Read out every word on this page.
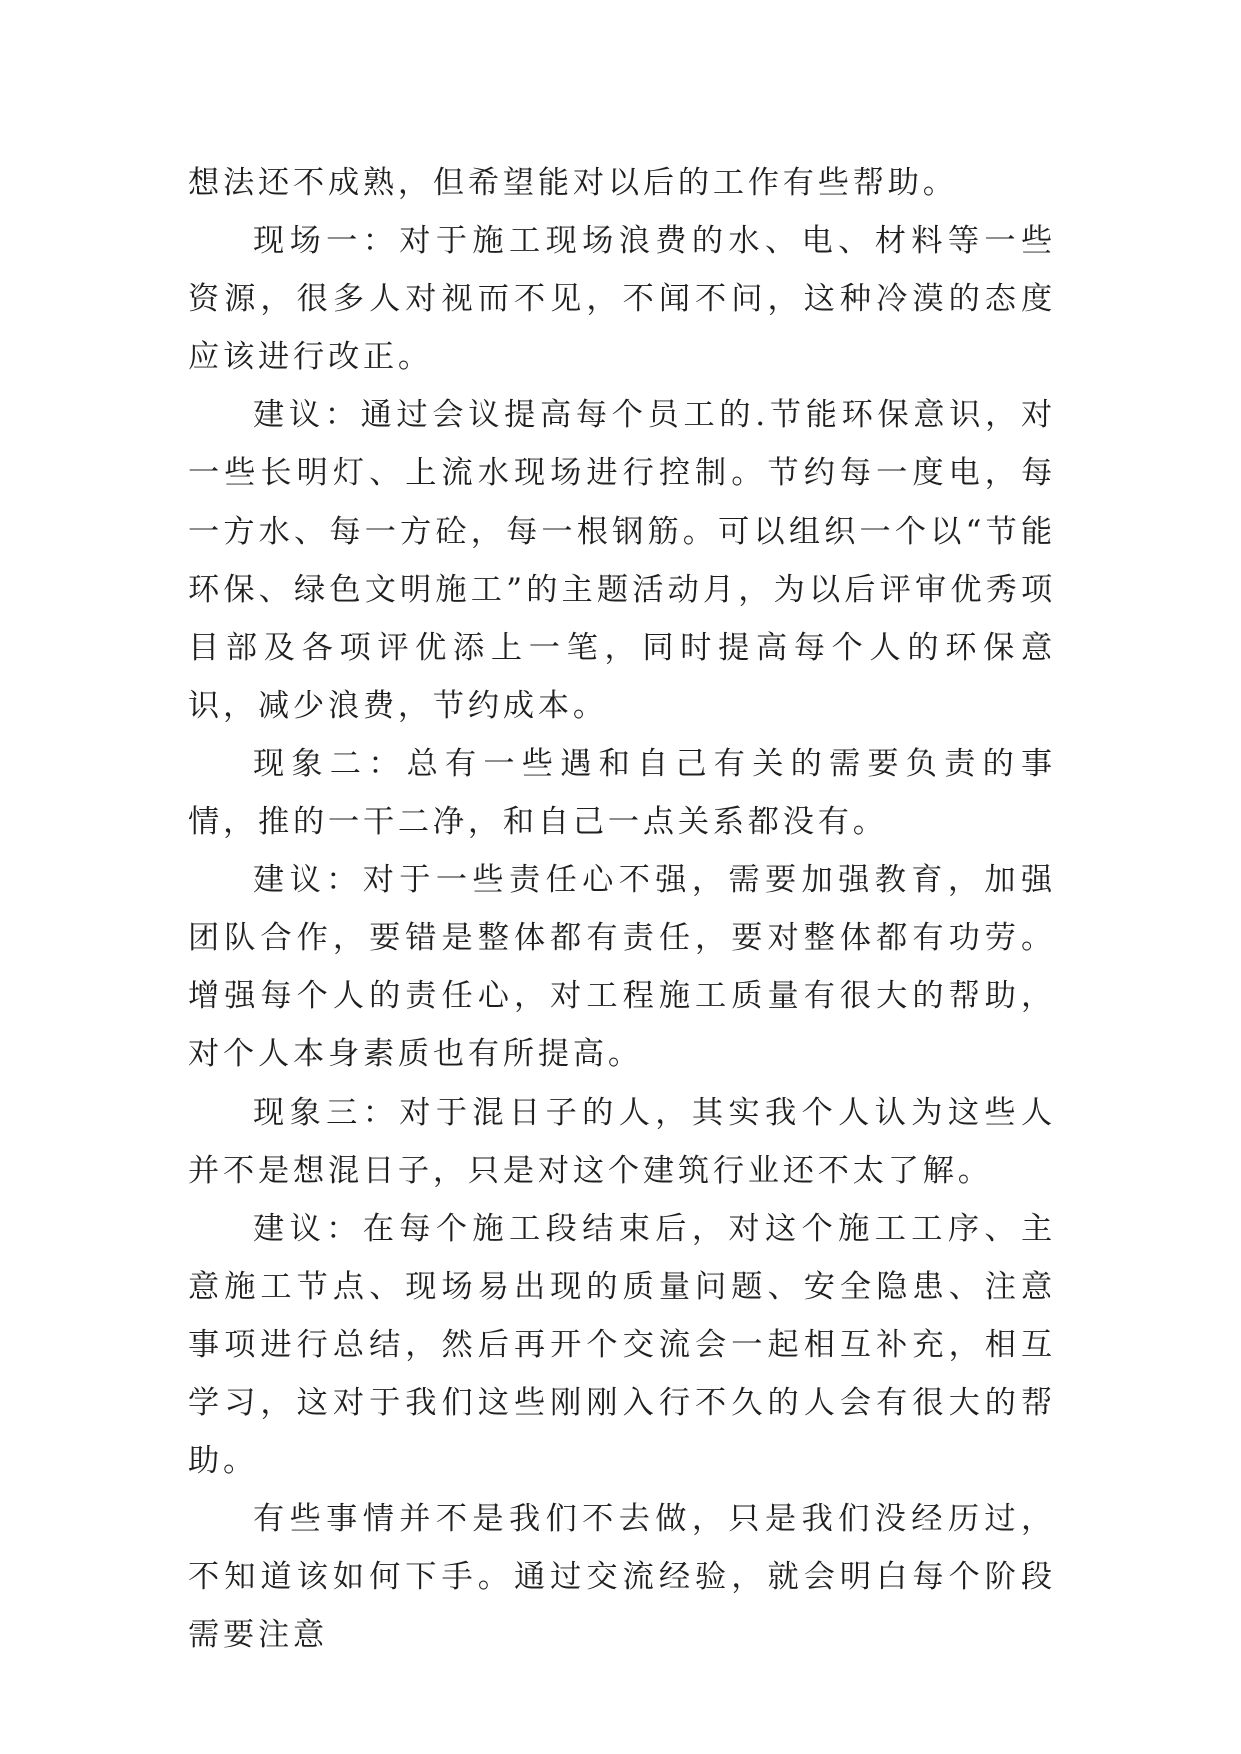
想法还不成熟，但希望能对以后的工作有些帮助。

现场一：对于施工现场浪费的水、电、材料等一些资源，很多人对视而不见，不闻不问，这种冷漠的态度应该进行改正。

建议：通过会议提高每个员工的.节能环保意识，对一些长明灯、上流水现场进行控制。节约每一度电，每一方水、每一方砼，每一根钢筋。可以组织一个以“节能环保、绿色文明施工”的主题活动月，为以后评审优秀项目部及各项评优添上一笔，同时提高每个人的环保意识，减少浪费，节约成本。

现象二：总有一些遇和自己有关的需要负责的事情，推的一干二净，和自己一点关系都没有。

建议：对于一些责任心不强，需要加强教育，加强团队合作，要错是整体都有责任，要对整体都有功劳。增强每个人的责任心，对工程施工质量有很大的帮助，对个人本身素质也有所提高。

现象三：对于混日子的人，其实我个人认为这些人并不是想混日子，只是对这个建筑行业还不太了解。

建议：在每个施工段结束后，对这个施工工序、主意施工节点、现场易出现的质量问题、安全隐患、注意事项进行总结，然后再开个交流会一起相互补充，相互学习，这对于我们这些刚刚入行不久的人会有很大的帮助。

有些事情并不是我们不去做，只是我们没经历过，不知道该如何下手。通过交流经验，就会明白每个阶段需要注意
